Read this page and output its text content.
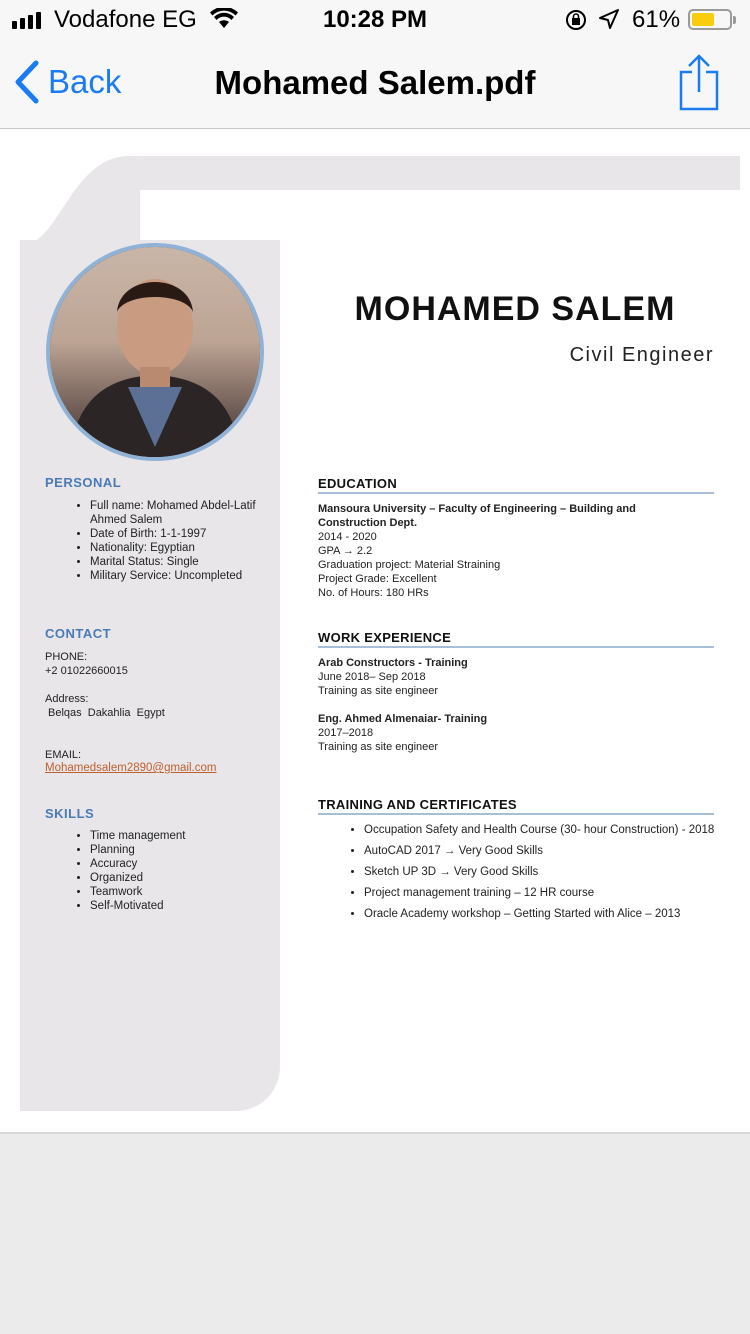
Vodafone EG	10:28 PM	61%
Back	Mohamed Salem.pdf
MOHAMED SALEM
Civil Engineer
PERSONAL
• Full name: Mohamed Abdel-Latif Ahmed Salem
• Date of Birth: 1-1-1997
• Nationality: Egyptian
• Marital Status: Single
• Military Service: Uncompleted
CONTACT
PHONE:
+2 01022660015
Address:
Belqas  Dakahlia  Egypt
EMAIL:
Mohamedsalem2890@gmail.com
SKILLS
• Time management
• Planning
• Accuracy
• Organized
• Teamwork
• Self-Motivated
EDUCATION
Mansoura University – Faculty of Engineering – Building and Construction Dept.
2014 - 2020
GPA → 2.2
Graduation project: Material Straining
Project Grade: Excellent
No. of Hours: 180 HRs
WORK EXPERIENCE
Arab Constructors - Training
June 2018– Sep 2018
Training as site engineer
Eng. Ahmed Almenaiar- Training
2017–2018
Training as site engineer
TRAINING AND CERTIFICATES
• Occupation Safety and Health Course (30- hour Construction) - 2018
• AutoCAD 2017 → Very Good Skills
• Sketch UP 3D → Very Good Skills
• Project management training – 12 HR course
• Oracle Academy workshop – Getting Started with Alice – 2013
